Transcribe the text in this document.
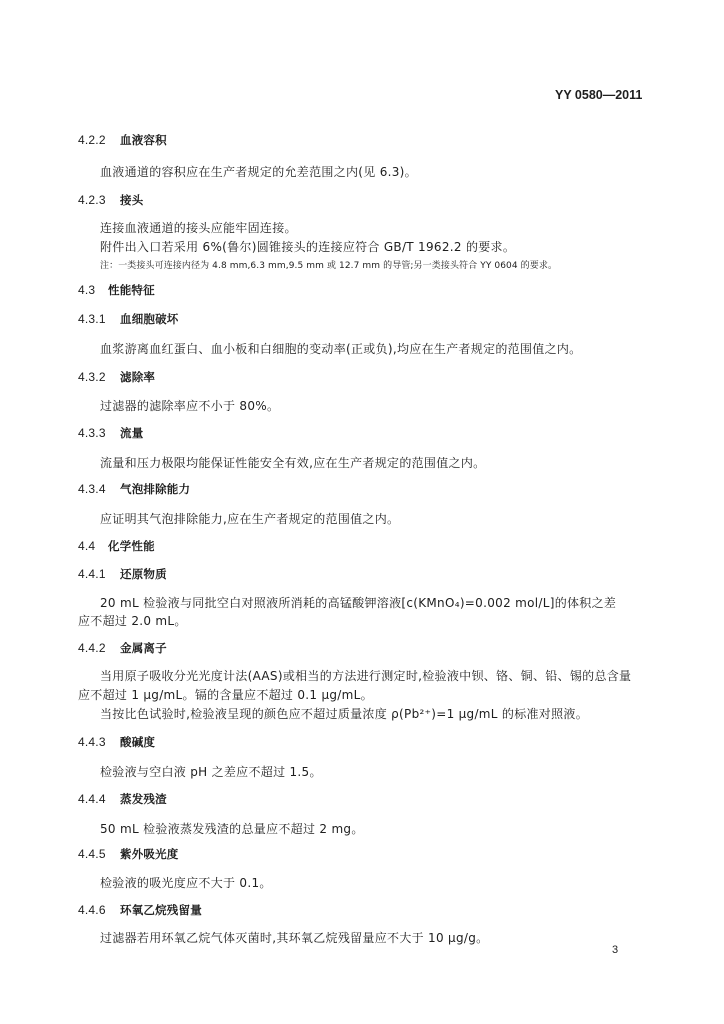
YY 0580—2011
4.2.2 血液容积
血液通道的容积应在生产者规定的允差范围之内(见 6.3)。
4.2.3 接头
连接血液通道的接头应能牢固连接。
附件出入口若采用 6%(鲁尔)圆锥接头的连接应符合 GB/T 1962.2 的要求。
注：一类接头可连接内径为 4.8 mm,6.3 mm,9.5 mm 或 12.7 mm 的导管;另一类接头符合 YY 0604 的要求。
4.3 性能特征
4.3.1 血细胞破坏
血浆游离血红蛋白、血小板和白细胞的变动率(正或负),均应在生产者规定的范围值之内。
4.3.2 滤除率
过滤器的滤除率应不小于 80%。
4.3.3 流量
流量和压力极限均能保证性能安全有效,应在生产者规定的范围值之内。
4.3.4 气泡排除能力
应证明其气泡排除能力,应在生产者规定的范围值之内。
4.4 化学性能
4.4.1 还原物质
20 mL 检验液与同批空白对照液所消耗的高锰酸钾溶液[c(KMnO₄)=0.002 mol/L]的体积之差
应不超过 2.0 mL。
4.4.2 金属离子
当用原子吸收分光光度计法(AAS)或相当的方法进行测定时,检验液中钡、铬、铜、铅、锡的总含量
应不超过 1 μg/mL。镉的含量应不超过 0.1 μg/mL。
当按比色试验时,检验液呈现的颜色应不超过质量浓度 ρ(Pb²⁺)=1 μg/mL 的标准对照液。
4.4.3 酸碱度
检验液与空白液 pH 之差应不超过 1.5。
4.4.4 蒸发残渣
50 mL 检验液蒸发残渣的总量应不超过 2 mg。
4.4.5 紫外吸光度
检验液的吸光度应不大于 0.1。
4.4.6 环氧乙烷残留量
过滤器若用环氧乙烷气体灭菌时,其环氧乙烷残留量应不大于 10 μg/g。
3
